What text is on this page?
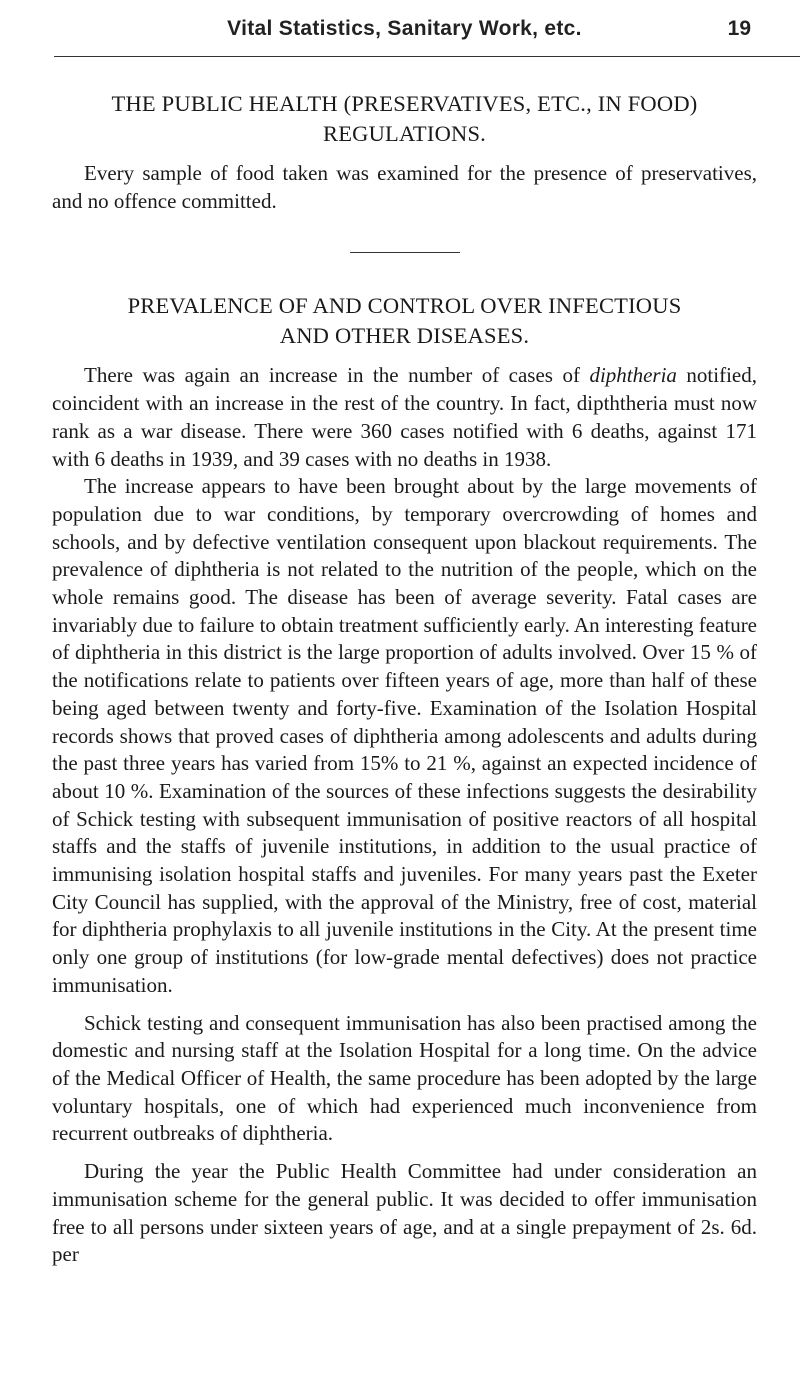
Vital Statistics, Sanitary Work, etc.	19
THE PUBLIC HEALTH (PRESERVATIVES, ETC., IN FOOD)
REGULATIONS.

Every sample of food taken was examined for the presence of preservatives, and no offence committed.

PREVALENCE OF AND CONTROL OVER INFECTIOUS
AND OTHER DISEASES.

There was again an increase in the number of cases of diphtheria notified, coincident with an increase in the rest of the country. In fact, dipththeria must now rank as a war disease. There were 360 cases notified with 6 deaths, against 171 with 6 deaths in 1939, and 39 cases with no deaths in 1938.

The increase appears to have been brought about by the large movements of population due to war conditions, by temporary overcrowding of homes and schools, and by defective ventilation consequent upon blackout requirements. The prevalence of diphtheria is not related to the nutrition of the people, which on the whole remains good. The disease has been of average severity. Fatal cases are invariably due to failure to obtain treatment sufficiently early. An interesting feature of diphtheria in this district is the large proportion of adults involved. Over 15 % of the notifications relate to patients over fifteen years of age, more than half of these being aged between twenty and forty-five. Examination of the Isolation Hospital records shows that proved cases of diphtheria among adolescents and adults during the past three years has varied from 15% to 21 %, against an expected incidence of about 10 %. Examination of the sources of these infections suggests the desirability of Schick testing with subsequent immunisation of positive reactors of all hospital staffs and the staffs of juvenile institutions, in addition to the usual practice of immunising isolation hospital staffs and juveniles. For many years past the Exeter City Council has supplied, with the approval of the Ministry, free of cost, material for diphtheria prophylaxis to all juvenile institutions in the City. At the present time only one group of institutions (for low-grade mental defectives) does not practice immunisation.

Schick testing and consequent immunisation has also been practised among the domestic and nursing staff at the Isolation Hospital for a long time. On the advice of the Medical Officer of Health, the same procedure has been adopted by the large voluntary hospitals, one of which had experienced much inconvenience from recurrent outbreaks of diphtheria.

During the year the Public Health Committee had under consideration an immunisation scheme for the general public. It was decided to offer immunisation free to all persons under sixteen years of age, and at a single prepayment of 2s. 6d. per
